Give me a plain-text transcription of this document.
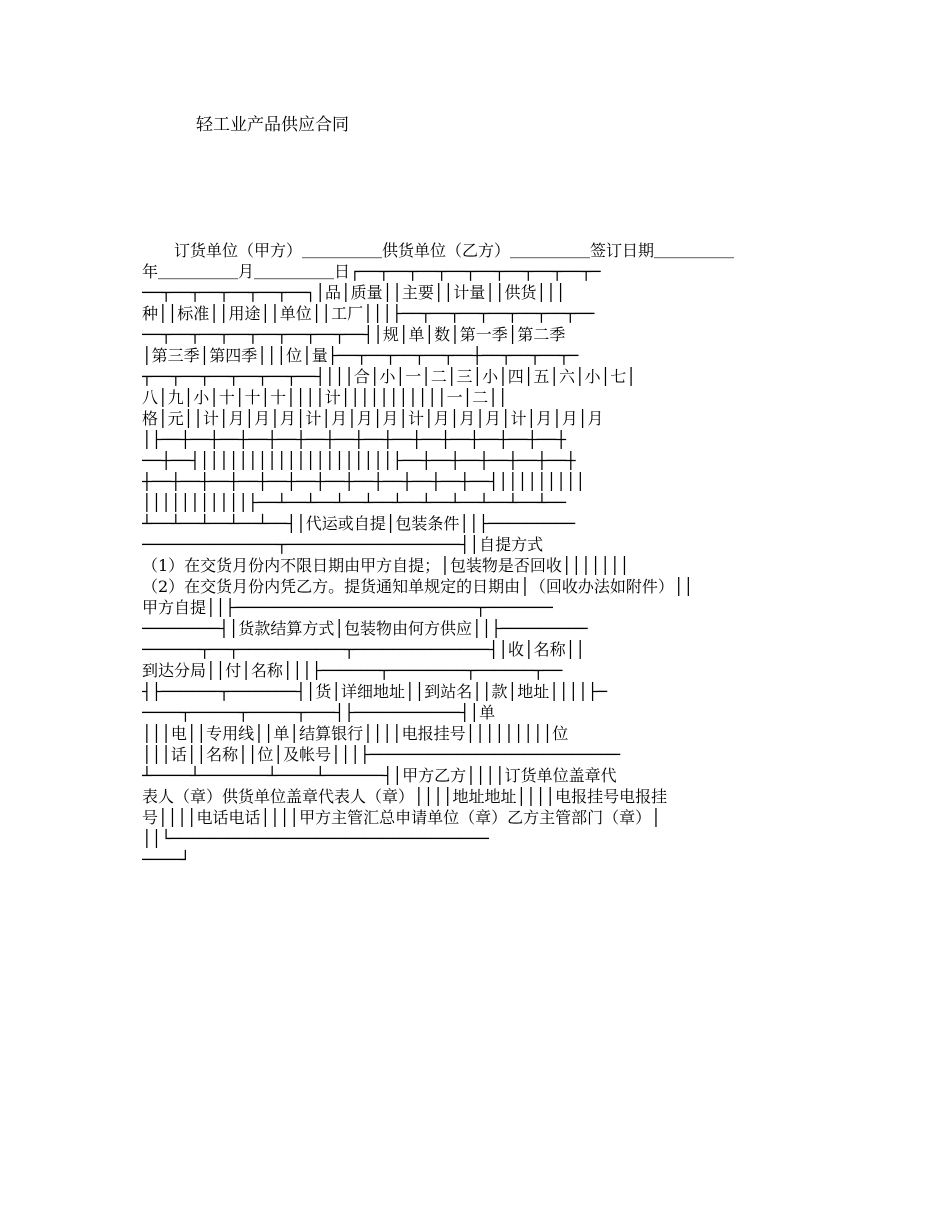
轻工业产品供应合同
　　订货单位（甲方）＿＿＿＿＿供货单位（乙方）＿＿＿＿＿签订日期＿＿＿＿＿
年＿＿＿＿＿月＿＿＿＿＿日┌──┬──┬──┬──┬──┬──┬──┬──┬─
──┬──┬──┬──┬──┬──┐│品│质量││主要││计量││供货│││
种││标准││用途││单位││工厂│││├──┬──┬──┬──┬──┬──┬──
──┬──┬──┬──┬──┬──┬──┬──┤│规│单│数│第一季│第二季
│第三季│第四季│││位│量├──┬──┬──┬──┬──┼──┬──┬──┬─
┬──┬──┬──┬──┬──┬──┤│││合│小│一│二│三│小│四│五│六│小│七│
八│九│小│十│十│十││││计│││││││││││一│二││
格│元││计│月│月│月│计│月│月│月│计│月│月│月│计│月│月│月
│├──┼──┼──┼──┼──┼──┼──┼──┼──┼──┼──┼──┼──┼──┼
──┼──┤││││││││││││││││││││├──┼──┼──┼──┼──┼──┼
┼──┼──┼──┼──┼──┼──┼──┼──┼──┼──┼──┼──┤│││││││││
│││││││││││├──┴──┴──┴──┴──┴──┴──┴──┴──┴──┴──
┴──┴──┴──┴──┴──┤│代运或自提│包装条件││├─────────
──────────────┬──────────────────┤│自提方式
（1）在交货月份内不限日期由甲方自提；│包装物是否回收│││││││
（2）在交货月份内凭乙方。提货通知单规定的日期由│（回收办法如附件）││
甲方自提││├─────────────────────────┬───────
────────┤│货款结算方式│包装物由何方供应││├─────────
──────┬──┬───────────┬──────────────┤│收│名称││
到达分局││付│名称│││├──────┬────────┬──────┬──
┤├──────┬───────┤│货│详细地址││到站名││款│地址││││├─
────┬─────┬─────┬───┤├───────────┤│单
│││电││专用线││单│结算银行││││电报挂号│││││││││位
│││话││名称││位│及帐号│││├──────────────────────────
┴────┴───────┴────┴──────┤│甲方乙方││││订货单位盖章代
表人（章）供货单位盖章代表人（章）││││地址地址││││电报挂号电报挂
号││││电话电话││││甲方主管汇总申请单位（章）乙方主管部门（章）│
││└─────────────────────────────────
────┘
